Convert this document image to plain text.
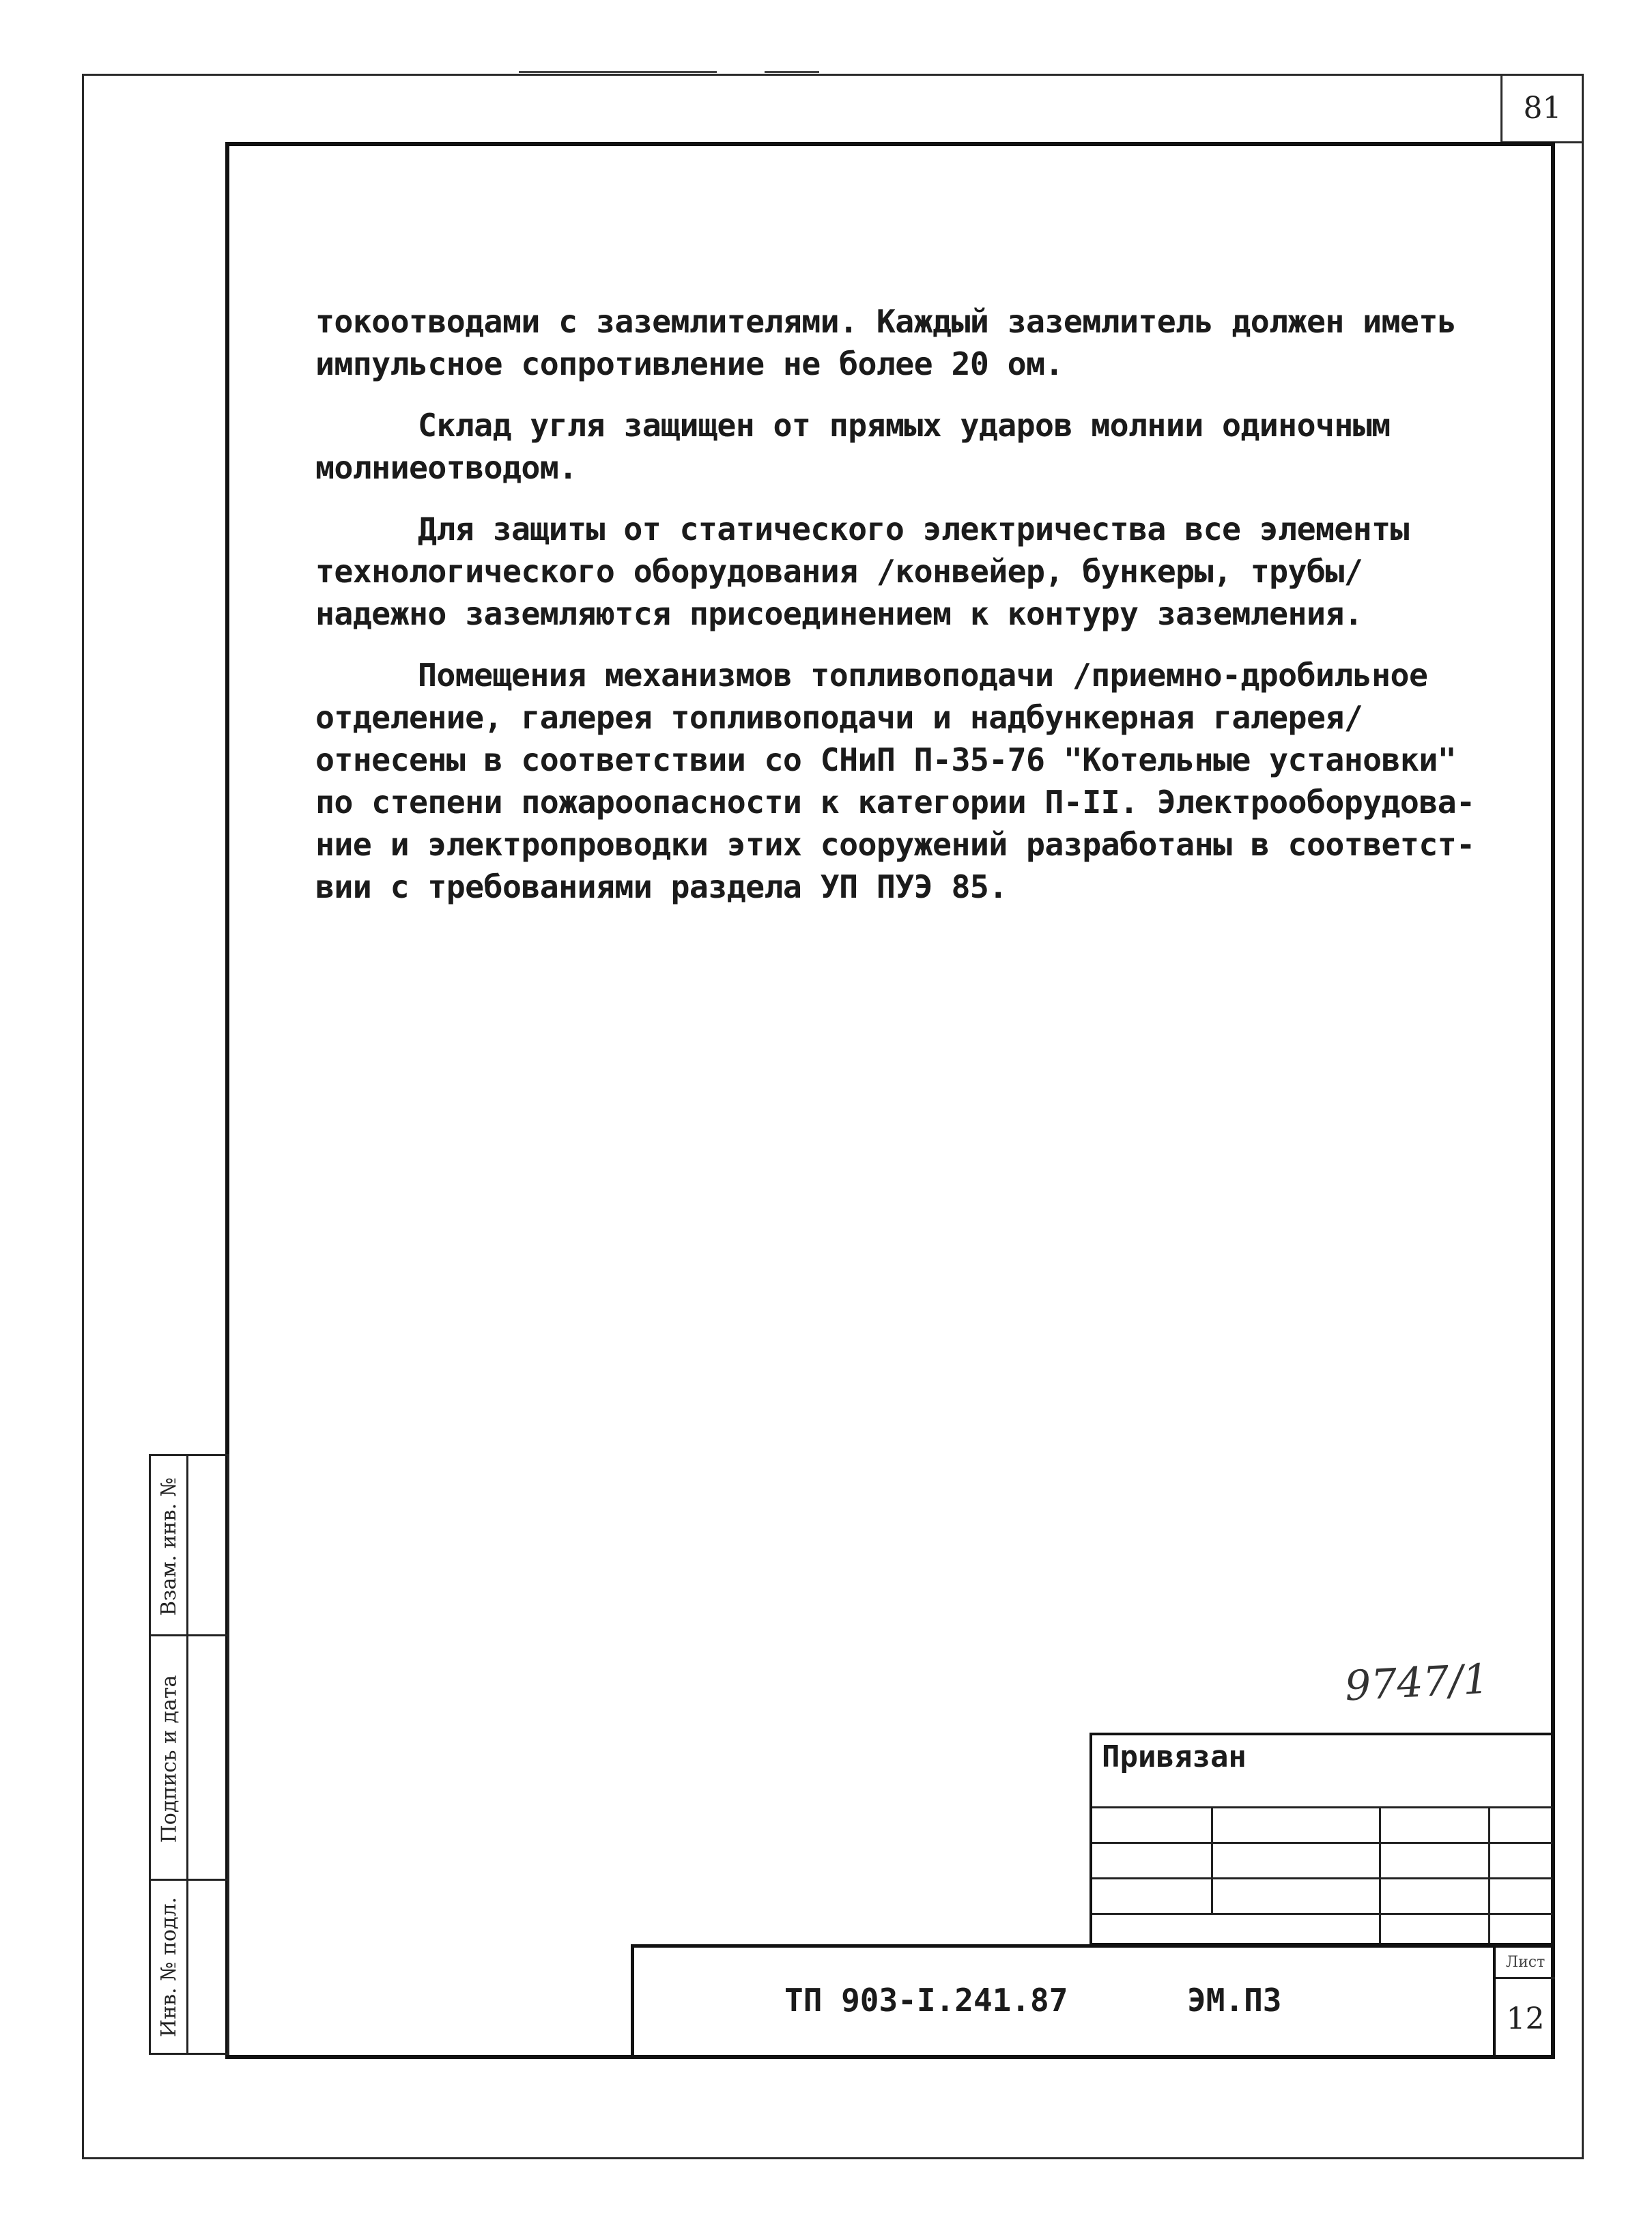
81

токоотводами с заземлителями. Каждый заземлитель должен иметь
импульсное сопротивление не более 20 ом.

Склад угля защищен от прямых ударов молнии одиночным
молниеотводом.

Для защиты от статического электричества все элементы
технологического оборудования /конвейер, бункеры, трубы/
надежно заземляются присоединением к контуру заземления.

Помещения механизмов топливоподачи /приемно-дробильное
отделение, галерея топливоподачи и надбункерная галерея/
отнесены в соответствии со СНиП П-35-76 "Котельные установки"
по степени пожароопасности к категории П-II. Электрооборудова-
ние и электропроводки этих сооружений разработаны в соответст-
вии с требованиями раздела УП ПУЭ 85.

Взам. инв. №
Подпись и дата
Инв. № подл.
9747/1
Привязан
ТП 903-I.241.87	ЭМ.ПЗ
Лист
12
